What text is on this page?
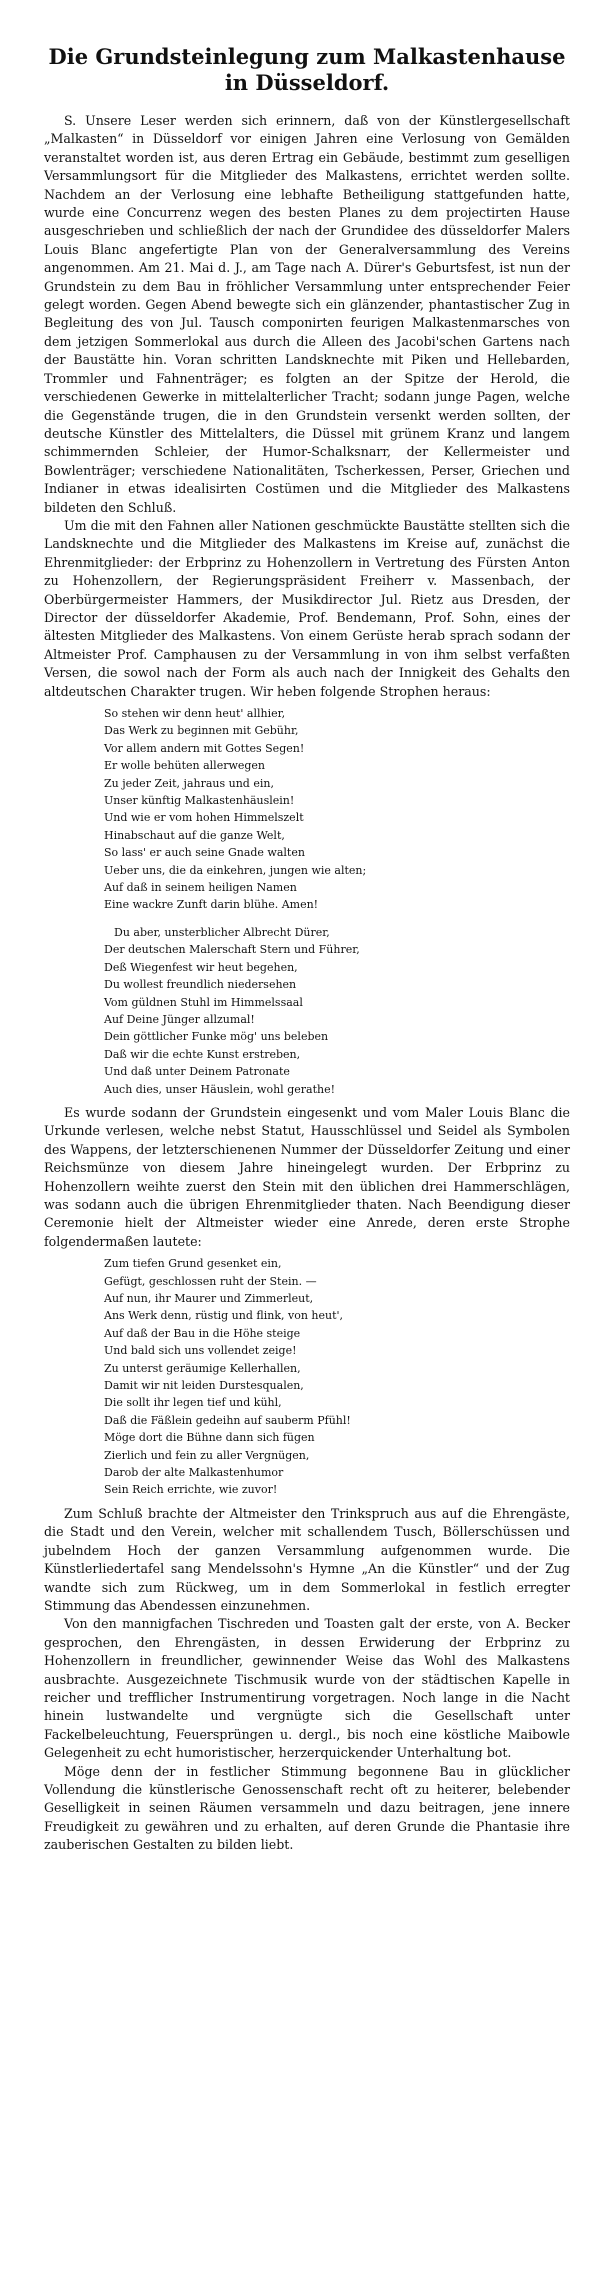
Die Grundsteinlegung zum Malkastenhause in Düsseldorf.

S. Unsere Leser werden sich erinnern, daß von der Künstlergesellschaft „Malkasten“ in Düsseldorf vor einigen Jahren eine Verlosung von Gemälden veranstaltet worden ist, aus deren Ertrag ein Gebäude, bestimmt zum geselligen Versammlungsort für die Mitglieder des Malkastens, errichtet werden sollte. Nachdem an der Verlosung eine lebhafte Betheiligung stattgefunden hatte, wurde eine Concurrenz wegen des besten Planes zu dem projectirten Hause ausgeschrieben und schließlich der nach der Grundidee des düsseldorfer Malers Louis Blanc angefertigte Plan von der Generalversammlung des Vereins angenommen. Am 21. Mai d. J., am Tage nach A. Dürer's Geburtsfest, ist nun der Grundstein zu dem Bau in fröhlicher Versammlung unter entsprechender Feier gelegt worden. Gegen Abend bewegte sich ein glänzender, phantastischer Zug in Begleitung des von Jul. Tausch componirten feurigen Malkastenmarsches von dem jetzigen Sommerlokal aus durch die Alleen des Jacobi'schen Gartens nach der Baustätte hin. Voran schritten Landsknechte mit Piken und Hellebarden, Trommler und Fahnenträger; es folgten an der Spitze der Herold, die verschiedenen Gewerke in mittelalterlicher Tracht; sodann junge Pagen, welche die Gegenstände trugen, die in den Grundstein versenkt werden sollten, der deutsche Künstler des Mittelalters, die Düssel mit grünem Kranz und langem schimmernden Schleier, der Humor-Schalksnarr, der Kellermeister und Bowlenträger; verschiedene Nationalitäten, Tscherkessen, Perser, Griechen und Indianer in etwas idealisirten Costümen und die Mitglieder des Malkastens bildeten den Schluß.

Um die mit den Fahnen aller Nationen geschmückte Baustätte stellten sich die Landsknechte und die Mitglieder des Malkastens im Kreise auf, zunächst die Ehrenmitglieder: der Erbprinz zu Hohenzollern in Vertretung des Fürsten Anton zu Hohenzollern, der Regierungspräsident Freiherr v. Massenbach, der Oberbürgermeister Hammers, der Musikdirector Jul. Rietz aus Dresden, der Director der düsseldorfer Akademie, Prof. Bendemann, Prof. Sohn, eines der ältesten Mitglieder des Malkastens. Von einem Gerüste herab sprach sodann der Altmeister Prof. Camphausen zu der Versammlung in von ihm selbst verfaßten Versen, die sowol nach der Form als auch nach der Innigkeit des Gehalts den altdeutschen Charakter trugen. Wir heben folgende Strophen heraus:

So stehen wir denn heut' allhier,
Das Werk zu beginnen mit Gebühr,
Vor allem andern mit Gottes Segen!
Er wolle behüten allerwegen
Zu jeder Zeit, jahraus und ein,
Unser künftig Malkastenhäuslein!
Und wie er vom hohen Himmelszelt
Hinabschaut auf die ganze Welt,
So lass' er auch seine Gnade walten
Ueber uns, die da einkehren, jungen wie alten;
Auf daß in seinem heiligen Namen
Eine wackre Zunft darin blühe. Amen!
Du aber, unsterblicher Albrecht Dürer,
Der deutschen Malerschaft Stern und Führer,
Deß Wiegenfest wir heut begehen,
Du wollest freundlich niedersehen
Vom güldnen Stuhl im Himmelssaal
Auf Deine Jünger allzumal!
Dein göttlicher Funke mög' uns beleben
Daß wir die echte Kunst erstreben,
Und daß unter Deinem Patronate
Auch dies, unser Häuslein, wohl gerathe!

Es wurde sodann der Grundstein eingesenkt und vom Maler Louis Blanc die Urkunde verlesen, welche nebst Statut, Hausschlüssel und Seidel als Symbolen des Wappens, der letzterschienenen Nummer der Düsseldorfer Zeitung und einer Reichsmünze von diesem Jahre hineingelegt wurden. Der Erbprinz zu Hohenzollern weihte zuerst den Stein mit den üblichen drei Hammerschlägen, was sodann auch die übrigen Ehrenmitglieder thaten. Nach Beendigung dieser Ceremonie hielt der Altmeister wieder eine Anrede, deren erste Strophe folgendermaßen lautete:

Zum tiefen Grund gesenket ein,
Gefügt, geschlossen ruht der Stein. —
Auf nun, ihr Maurer und Zimmerleut,
Ans Werk denn, rüstig und flink, von heut',
Auf daß der Bau in die Höhe steige
Und bald sich uns vollendet zeige!
Zu unterst geräumige Kellerhallen,
Damit wir nit leiden Durstesqualen,
Die sollt ihr legen tief und kühl,
Daß die Fäßlein gedeihn auf sauberm Pfühl!
Möge dort die Bühne dann sich fügen
Zierlich und fein zu aller Vergnügen,
Darob der alte Malkastenhumor
Sein Reich errichte, wie zuvor!

Zum Schluß brachte der Altmeister den Trinkspruch aus auf die Ehrengäste, die Stadt und den Verein, welcher mit schallendem Tusch, Böllerschüssen und jubelndem Hoch der ganzen Versammlung aufgenommen wurde. Die Künstlerliedertafel sang Mendelssohn's Hymne „An die Künstler“ und der Zug wandte sich zum Rückweg, um in dem Sommerlokal in festlich erregter Stimmung das Abendessen einzunehmen.

Von den mannigfachen Tischreden und Toasten galt der erste, von A. Becker gesprochen, den Ehrengästen, in dessen Erwiderung der Erbprinz zu Hohenzollern in freundlicher, gewinnender Weise das Wohl des Malkastens ausbrachte. Ausgezeichnete Tischmusik wurde von der städtischen Kapelle in reicher und trefflicher Instrumentirung vorgetragen. Noch lange in die Nacht hinein lustwandelte und vergnügte sich die Gesellschaft unter Fackelbeleuchtung, Feuersprüngen u. dergl., bis noch eine köstliche Maibowle Gelegenheit zu echt humoristischer, herzerquickender Unterhaltung bot.

Möge denn der in festlicher Stimmung begonnene Bau in glücklicher Vollendung die künstlerische Genossenschaft recht oft zu heiterer, belebender Geselligkeit in seinen Räumen versammeln und dazu beitragen, jene innere Freudigkeit zu gewähren und zu erhalten, auf deren Grunde die Phantasie ihre zauberischen Gestalten zu bilden liebt.
